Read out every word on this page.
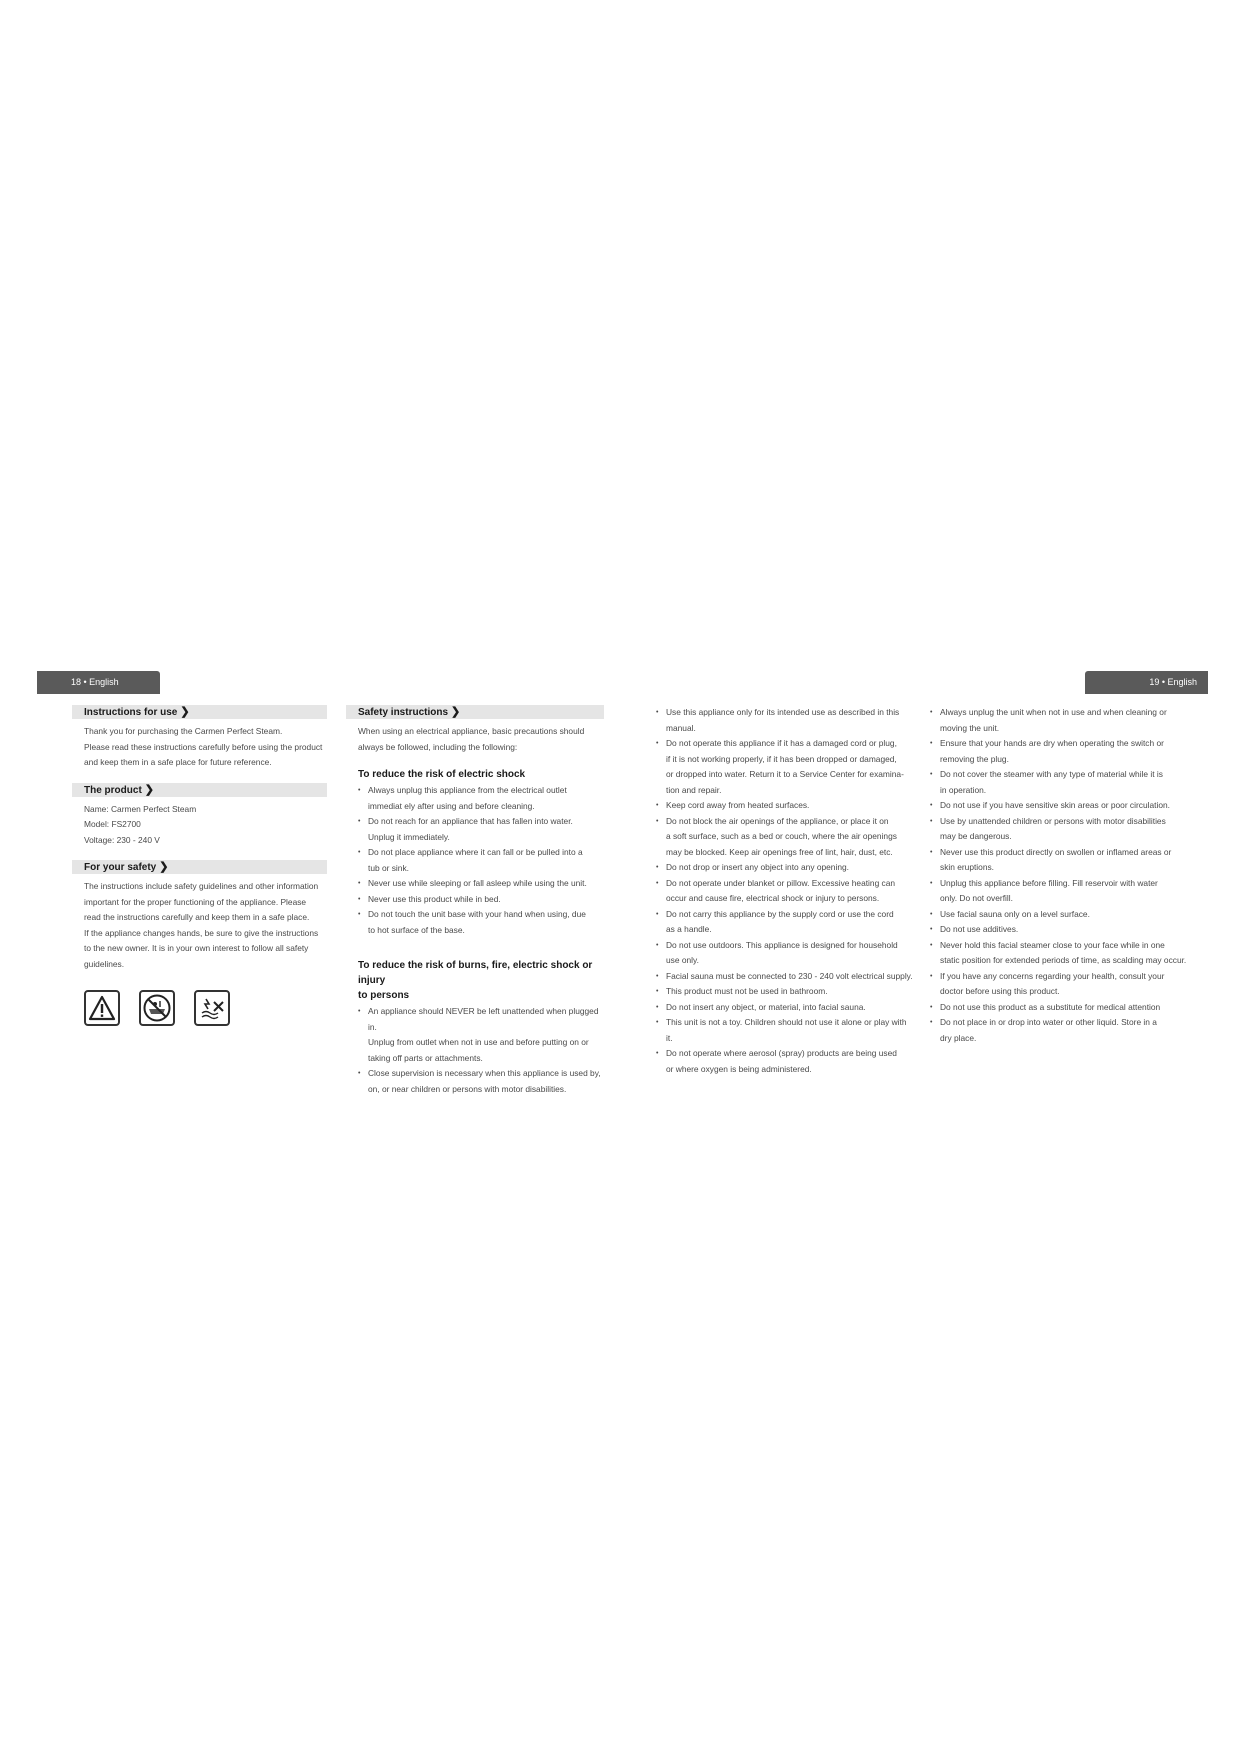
18 • English	19 • English
Instructions for use ❯

Thank you for purchasing the Carmen Perfect Steam.

Please read these instructions carefully before using the product

and keep them in a safe place for future reference.

The product ❯

Name: Carmen Perfect Steam

Model: FS2700

Voltage: 230 - 240 V

For your safety ❯

The instructions include safety guidelines and other information

important for the proper functioning of the appliance. Please

read the instructions carefully and keep them in a safe place.

If the appliance changes hands, be sure to give the instructions

to the new owner. It is in your own interest to follow all safety

guidelines.

Safety instructions ❯

When using an electrical appliance, basic precautions should

always be followed, including the following:

To reduce the risk of electric shock
• Always unplug this appliance from the electrical outlet
immediat ely after using and before cleaning.
• Do not reach for an appliance that has fallen into water.
Unplug it immediately.
• Do not place appliance where it can fall or be pulled into a
tub or sink.
• Never use while sleeping or fall asleep while using the unit.
• Never use this product while in bed.
• Do not touch the unit base with your hand when using, due
to hot surface of the base.
To reduce the risk of burns, fire, electric shock or injury
to persons
• An appliance should NEVER be left unattended when plugged in.
Unplug from outlet when not in use and before putting on or
taking off parts or attachments.
• Close supervision is necessary when this appliance is used by,
on, or near children or persons with motor disabilities.
• Use this appliance only for its intended use as described in this
manual.
• Do not operate this appliance if it has a damaged cord or plug,
if it is not working properly, if it has been dropped or damaged,
or dropped into water. Return it to a Service Center for examina-
tion and repair.
• Keep cord away from heated surfaces.
• Do not block the air openings of the appliance, or place it on
a soft surface, such as a bed or couch, where the air openings
may be blocked. Keep air openings free of lint, hair, dust, etc.
• Do not drop or insert any object into any opening.
• Do not operate under blanket or pillow. Excessive heating can
occur and cause fire, electrical shock or injury to persons.
• Do not carry this appliance by the supply cord or use the cord
as a handle.
• Do not use outdoors. This appliance is designed for household
use only.
• Facial sauna must be connected to 230 - 240 volt electrical supply.
• This product must not be used in bathroom.
• Do not insert any object, or material, into facial sauna.
• This unit is not a toy. Children should not use it alone or play with it.
• Do not operate where aerosol (spray) products are being used
or where oxygen is being administered.
• Always unplug the unit when not in use and when cleaning or
moving the unit.
• Ensure that your hands are dry when operating the switch or
removing the plug.
• Do not cover the steamer with any type of material while it is
in operation.
• Do not use if you have sensitive skin areas or poor circulation.
• Use by unattended children or persons with motor disabilities
may be dangerous.
• Never use this product directly on swollen or inflamed areas or
skin eruptions.
• Unplug this appliance before filling. Fill reservoir with water
only. Do not overfill.
• Use facial sauna only on a level surface.
• Do not use additives.
• Never hold this facial steamer close to your face while in one
static position for extended periods of time, as scalding may occur.
• If you have any concerns regarding your health, consult your
doctor before using this product.
• Do not use this product as a substitute for medical attention
• Do not place in or drop into water or other liquid. Store in a
dry place.
